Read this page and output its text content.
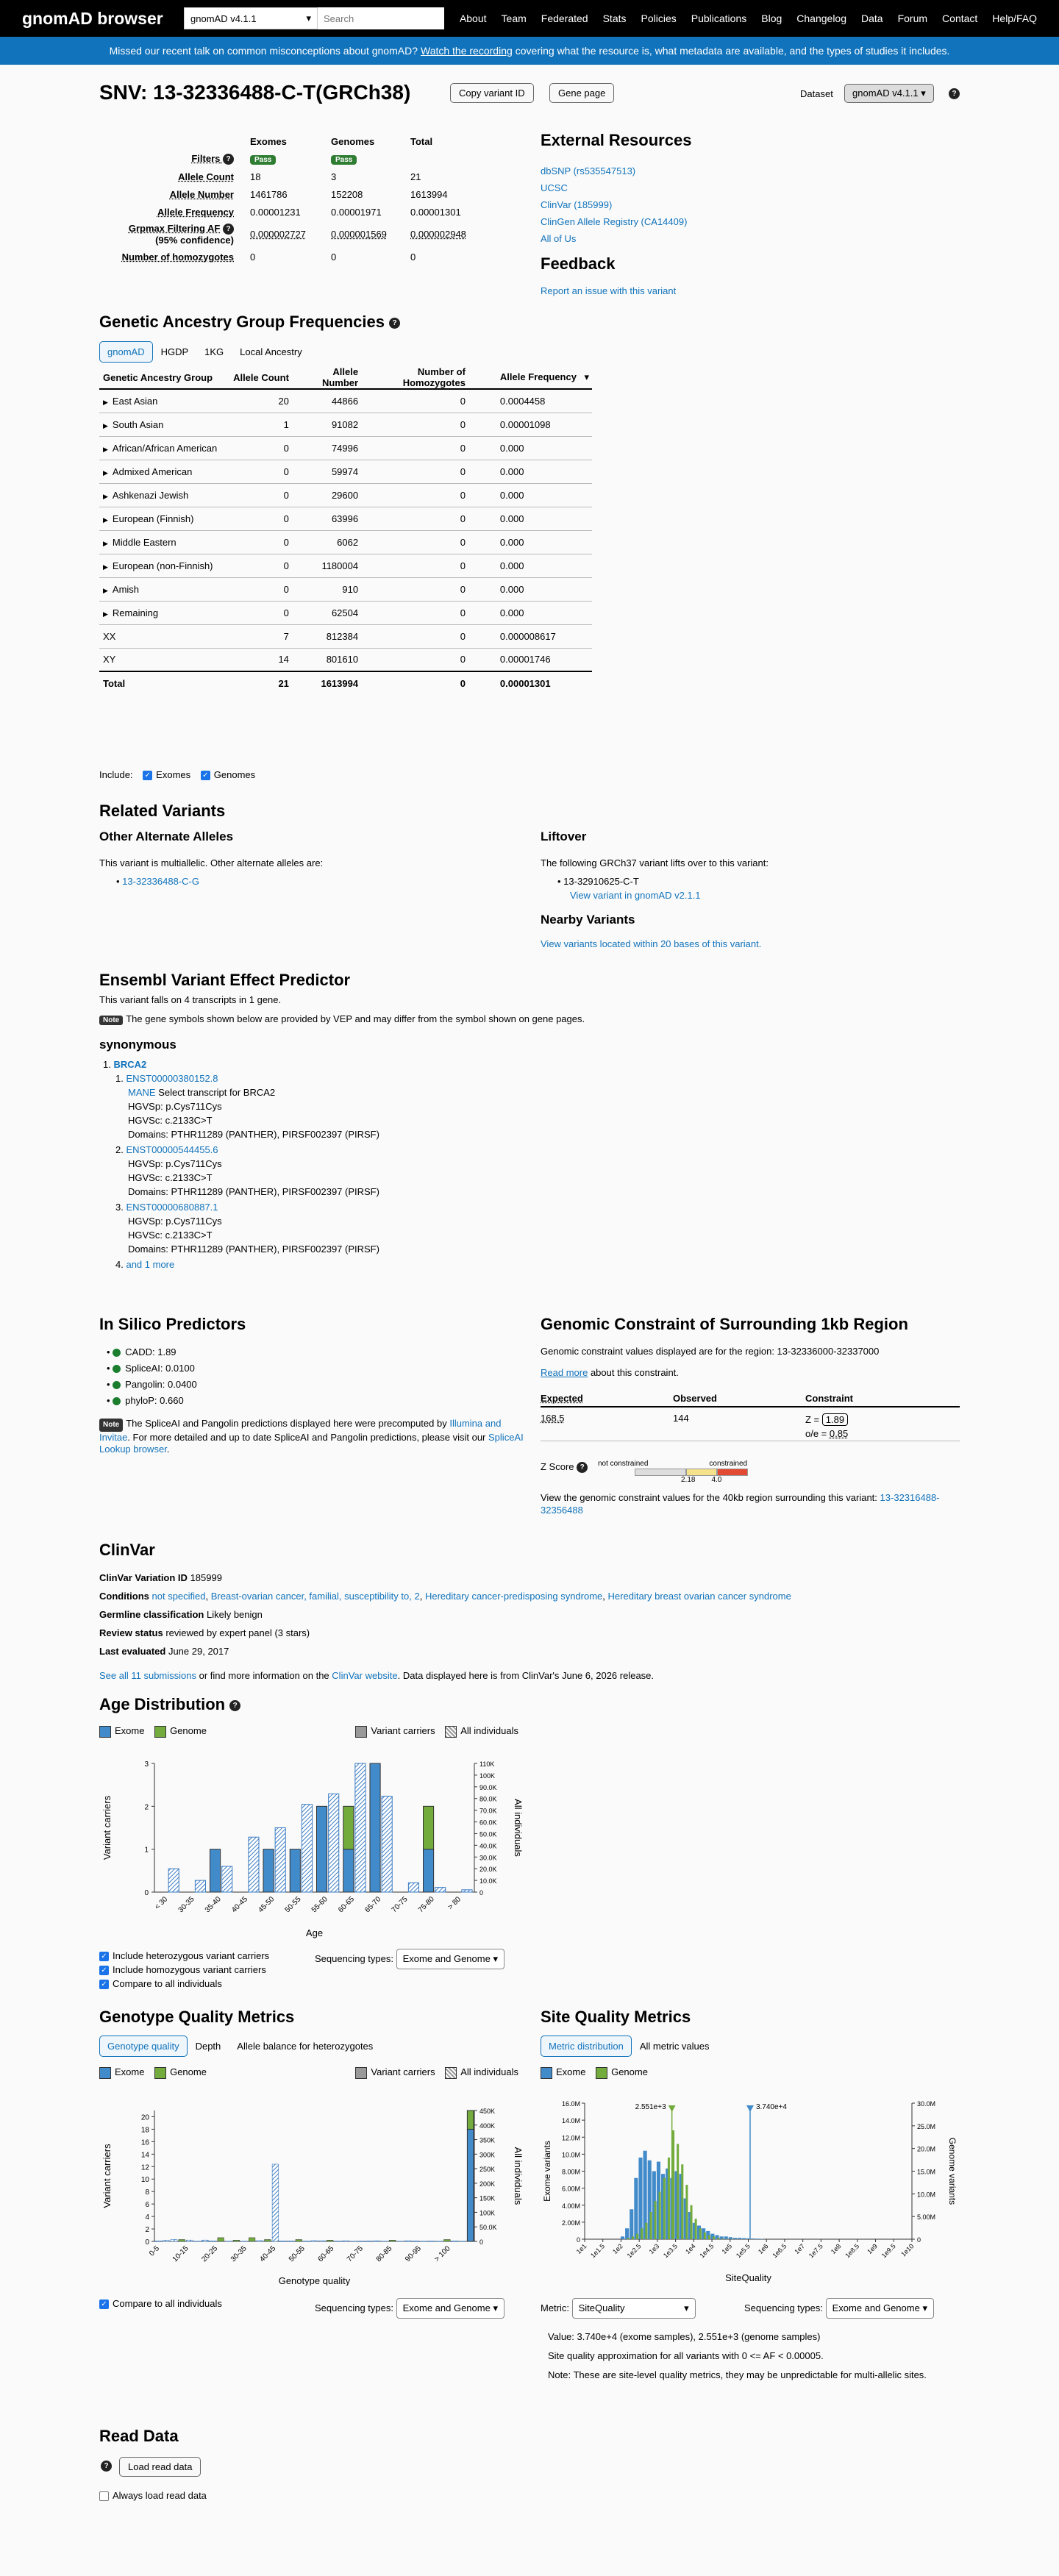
gnomAD browser	gnomAD v4.1.1	▾
Search	About Team Federated Stats Policies Publications Blog Changelog Data Forum Contact Help/FAQ
Missed our recent talk on common misconceptions about gnomAD? Watch the recording covering what the resource is, what metadata are available, and the types of studies it includes.
SNV: 13-32336488-C-T(GRCh38)	Copy variant ID	Gene page	Dataset	gnomAD v4.1.1 ▾	?
	Exomes	Genomes	Total
Filters ?	Pass	Pass	
Allele Count	18	3	21
Allele Number	1461786	152208	1613994
Allele Frequency	0.00001231	0.00001971	0.00001301
Grpmax Filtering AF ?
(95% confidence)	0.000002727	0.000001569	0.000002948
Number of homozygotes	0	0	0
External Resources
dbSNP (rs535547513)
UCSC
ClinVar (185999)
ClinGen Allele Registry (CA14409)
All of Us
Feedback
Report an issue with this variant
Genetic Ancestry Group Frequencies ?
gnomAD	HGDP	1KG	Local Ancestry
Genetic Ancestry Group	Allele Count	Allele Number	Number of Homozygotes	Allele Frequency ▾

▶ East Asian	20	44866	0	0.0004458
▶ South Asian	1	91082	0	0.00001098
▶ African/African American	0	74996	0	0.000
▶ Admixed American	0	59974	0	0.000
▶ Ashkenazi Jewish	0	29600	0	0.000
▶ European (Finnish)	0	63996	0	0.000
▶ Middle Eastern	0	6062	0	0.000
▶ European (non-Finnish)	0	1180004	0	0.000
▶ Amish	0	910	0	0.000
▶ Remaining	0	62504	0	0.000
XX	7	812384	0	0.000008617
XY	14	801610	0	0.00001746
Total	21	1613994	0	0.00001301
Include: ✓ Exomes ✓ Genomes
Related Variants
Other Alternate Alleles
This variant is multiallelic. Other alternate alleles are:
• 13-32336488-C-G
Liftover
The following GRCh37 variant lifts over to this variant:
• 13-32910625-C-T
View variant in gnomAD v2.1.1
Nearby Variants
View variants located within 20 bases of this variant.
Ensembl Variant Effect Predictor
This variant falls on 4 transcripts in 1 gene.
Note The gene symbols shown below are provided by VEP and may differ from the symbol shown on gene pages.
synonymous
1. BRCA2
1. ENST00000380152.8
MANE Select transcript for BRCA2
HGVSp: p.Cys711Cys
HGVSc: c.2133C>T
Domains: PTHR11289 (PANTHER), PIRSF002397 (PIRSF)
2. ENST00000544455.6
HGVSp: p.Cys711Cys
HGVSc: c.2133C>T
Domains: PTHR11289 (PANTHER), PIRSF002397 (PIRSF)
3. ENST00000680887.1
HGVSp: p.Cys711Cys
HGVSc: c.2133C>T
Domains: PTHR11289 (PANTHER), PIRSF002397 (PIRSF)
4. and 1 more
In Silico Predictors
• CADD: 1.89
• SpliceAI: 0.0100
• Pangolin: 0.0400
• phyloP: 0.660
Note The SpliceAI and Pangolin predictions displayed here were precomputed by Illumina and Invitae. For more detailed and up to date SpliceAI and Pangolin predictions, please visit our SpliceAI Lookup browser.
Genomic Constraint of Surrounding 1kb Region
Genomic constraint values displayed are for the region: 13-32336000-32337000
Read more about this constraint.
Expected	Observed	Constraint
168.5	144	Z = 1.89
o/e = 0.85
Z Score ?	not constrained	constrained
2.18 4.0
View the genomic constraint values for the 40kb region surrounding this variant: 13-32316488-32356488
ClinVar
ClinVar Variation ID 185999
Conditions not specified, Breast-ovarian cancer, familial, susceptibility to, 2, Hereditary cancer-predisposing syndrome, Hereditary breast ovarian cancer syndrome
Germline classification Likely benign
Review status reviewed by expert panel (3 stars)
Last evaluated June 29, 2017
See all 11 submissions or find more information on the ClinVar website. Data displayed here is from ClinVar's June 6, 2026 release.
Age Distribution ?
Exome	Genome	Variant carriers	All individuals
0
1
2
3
0
10.0K
20.0K
30.0K
40.0K
50.0K
60.0K
70.0K
80.0K
90.0K
100K
110K
< 30 30-35 35-40 40-45 45-50 50-55 55-60 60-65 65-70 70-75 75-80 > 80
Variant carriers	All individuals
Age
✓ Include heterozygous variant carriers
✓ Include homozygous variant carriers
✓ Compare to all individuals
Sequencing types: Exome and Genome ▾
Genotype Quality Metrics
Genotype quality	Depth	Allele balance for heterozygotes
Exome	Genome	Variant carriers	All individuals
0
2
4
6
8
10
12
14
16
18
20
0
50.0K
100K
150K
200K
250K
300K
350K
400K
450K
0-5 10-15 20-25 30-35 40-45 50-55 60-65 70-75 80-85 90-95 > 100
Variant carriers	All individuals
Genotype quality
✓ Compare to all individuals	Sequencing types: Exome and Genome ▾
Site Quality Metrics
Metric distribution	All metric values
Exome	Genome
0
2.00M
4.00M
6.00M
8.00M
10.0M
12.0M
14.0M
16.0M
0
5.00M
10.0M
15.0M
20.0M
25.0M
30.0M
1e1 1e1.5 1e2 1e2.5 1e3 1e3.5 1e4 1e4.5 1e5 1e5.5 1e6 1e6.5 1e7 1e7.5 1e8 1e8.5 1e9 1e9.5 1e10
2.551e+3	3.740e+4
Exome variants	Genome variants
SiteQuality
Metric: SiteQuality	▾	Sequencing types: Exome and Genome ▾
Value: 3.740e+4 (exome samples), 2.551e+3 (genome samples)
Site quality approximation for all variants with 0 <= AF < 0.00005.
Note: These are site-level quality metrics, they may be unpredictable for multi-allelic sites.
Read Data
?	Load read data
Always load read data
